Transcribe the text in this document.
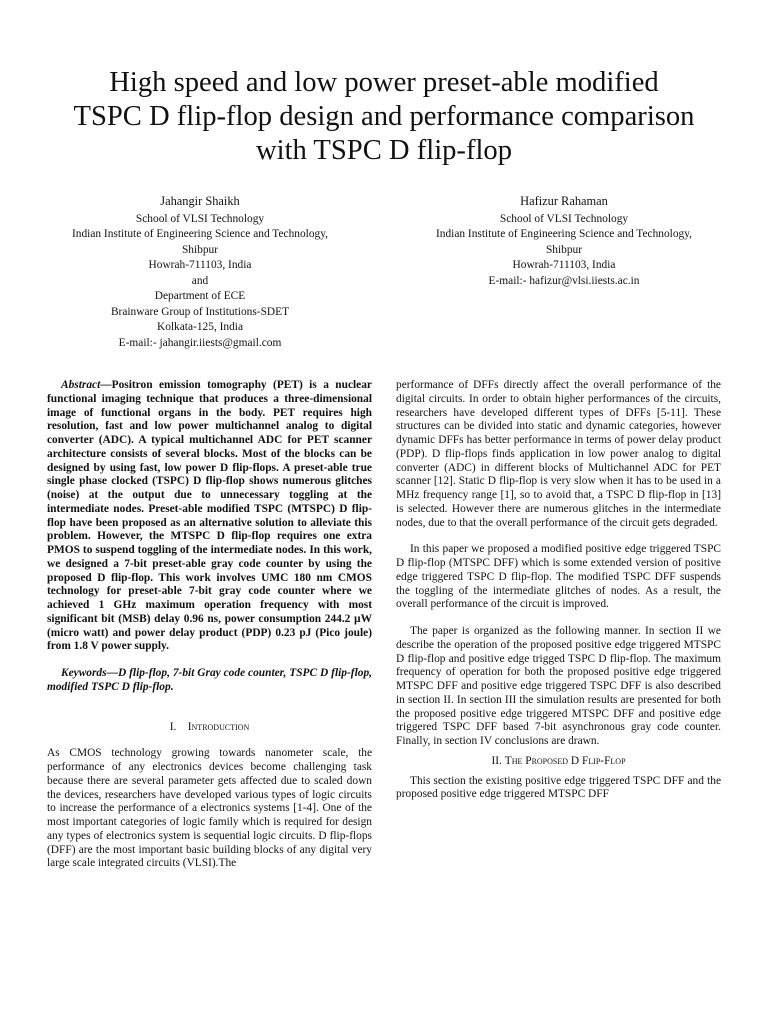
High speed and low power preset-able modified
TSPC D flip-flop design and performance comparison
with TSPC D flip-flop
Jahangir Shaikh
School of VLSI Technology
Indian Institute of Engineering Science and Technology,
Shibpur
Howrah-711103, India
and
Department of ECE
Brainware Group of Institutions-SDET
Kolkata-125, India
E-mail:- jahangir.iiests@gmail.com
Hafizur Rahaman
School of VLSI Technology
Indian Institute of Engineering Science and Technology,
Shibpur
Howrah-711103, India
E-mail:- hafizur@vlsi.iiests.ac.in

Abstract—Positron emission tomography (PET) is a nuclear functional imaging technique that produces a three-dimensional image of functional organs in the body. PET requires high resolution, fast and low power multichannel analog to digital converter (ADC). A typical multichannel ADC for PET scanner architecture consists of several blocks. Most of the blocks can be designed by using fast, low power D flip-flops. A preset-able true single phase clocked (TSPC) D flip-flop shows numerous glitches (noise) at the output due to unnecessary toggling at the intermediate nodes. Preset-able modified TSPC (MTSPC) D flip-flop have been proposed as an alternative solution to alleviate this problem. However, the MTSPC D flip-flop requires one extra PMOS to suspend toggling of the intermediate nodes. In this work, we designed a 7-bit preset-able gray code counter by using the proposed D flip-flop. This work involves UMC 180 nm CMOS technology for preset-able 7-bit gray code counter where we achieved 1 GHz maximum operation frequency with most significant bit (MSB) delay 0.96 ns, power consumption 244.2 µW (micro watt) and power delay product (PDP) 0.23 pJ (Pico joule) from 1.8 V power supply.

Keywords—D flip-flop, 7-bit Gray code counter, TSPC D flip-flop, modified TSPC D flip-flop.

I. Introduction

As CMOS technology growing towards nanometer scale, the performance of any electronics devices become challenging task because there are several parameter gets affected due to scaled down the devices, researchers have developed various types of logic circuits to increase the performance of a electronics systems [1-4]. One of the most important categories of logic family which is required for design any types of electronics system is sequential logic circuits. D flip-flops (DFF) are the most important basic building blocks of any digital very large scale integrated circuits (VLSI).The

performance of DFFs directly affect the overall performance of the digital circuits. In order to obtain higher performances of the circuits, researchers have developed different types of DFFs [5-11]. These structures can be divided into static and dynamic categories, however dynamic DFFs has better performance in terms of power delay product (PDP). D flip-flops finds application in low power analog to digital converter (ADC) in different blocks of Multichannel ADC for PET scanner [12]. Static D flip-flop is very slow when it has to be used in a MHz frequency range [1], so to avoid that, a TSPC D flip-flop in [13] is selected. However there are numerous glitches in the intermediate nodes, due to that the overall performance of the circuit gets degraded.

In this paper we proposed a modified positive edge triggered TSPC D flip-flop (MTSPC DFF) which is some extended version of positive edge triggered TSPC D flip-flop. The modified TSPC DFF suspends the toggling of the intermediate glitches of nodes. As a result, the overall performance of the circuit is improved.

The paper is organized as the following manner. In section II we describe the operation of the proposed positive edge triggered MTSPC D flip-flop and positive edge trigged TSPC D flip-flop. The maximum frequency of operation for both the proposed positive edge triggered MTSPC DFF and positive edge triggered TSPC DFF is also described in section II. In section III the simulation results are presented for both the proposed positive edge triggered MTSPC DFF and positive edge triggered TSPC DFF based 7-bit asynchronous gray code counter. Finally, in section IV conclusions are drawn.

II. The Proposed D Flip-Flop

This section the existing positive edge triggered TSPC DFF and the proposed positive edge triggered MTSPC DFF
